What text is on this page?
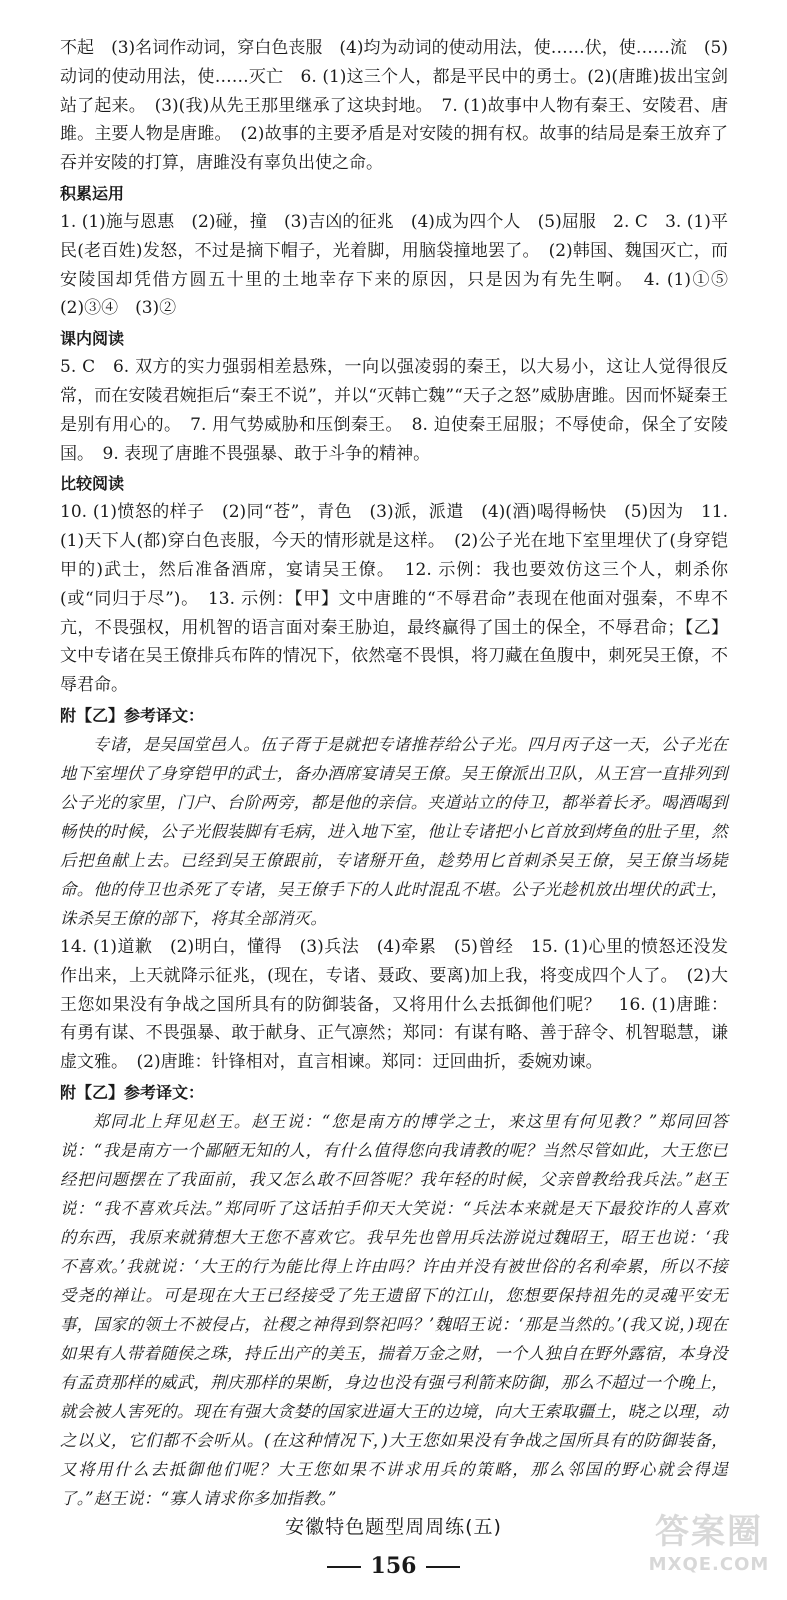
不起　(3)名词作动词，穿白色丧服　(4)均为动词的使动用法，使……伏，使……流　(5)动词的使动用法，使……灭亡　6. (1)这三个人，都是平民中的勇士。(2)(唐雎)拔出宝剑站了起来。　(3)(我)从先王那里继承了这块封地。　7. (1)故事中人物有秦王、安陵君、唐雎。主要人物是唐雎。　(2)故事的主要矛盾是对安陵的拥有权。故事的结局是秦王放弃了吞并安陵的打算，唐雎没有辜负出使之命。

积累运用

1. (1)施与恩惠　(2)碰，撞　(3)吉凶的征兆　(4)成为四个人　(5)屈服　2. C　3. (1)平民(老百姓)发怒，不过是摘下帽子，光着脚，用脑袋撞地罢了。　(2)韩国、魏国灭亡，而安陵国却凭借方圆五十里的土地幸存下来的原因，只是因为有先生啊。　4. (1)①⑤　(2)③④　(3)②

课内阅读

5. C　6. 双方的实力强弱相差悬殊，一向以强凌弱的秦王，以大易小，这让人觉得很反常，而在安陵君婉拒后“秦王不说”，并以“灭韩亡魏”“天子之怒”威胁唐雎。因而怀疑秦王是别有用心的。　7. 用气势威胁和压倒秦王。　8. 迫使秦王屈服；不辱使命，保全了安陵国。　9. 表现了唐雎不畏强暴、敢于斗争的精神。

比较阅读

10. (1)愤怒的样子　(2)同“苍”，青色　(3)派，派遣　(4)(酒)喝得畅快　(5)因为　11. (1)天下人(都)穿白色丧服，今天的情形就是这样。　(2)公子光在地下室里埋伏了(身穿铠甲的)武士，然后准备酒席，宴请吴王僚。　12. 示例：我也要效仿这三个人，刺杀你(或“同归于尽”)。　13. 示例：【甲】文中唐雎的“不辱君命”表现在他面对强秦，不卑不亢，不畏强权，用机智的语言面对秦王胁迫，最终赢得了国土的保全，不辱君命；【乙】文中专诸在吴王僚排兵布阵的情况下，依然毫不畏惧，将刀藏在鱼腹中，刺死吴王僚，不辱君命。

附【乙】参考译文：

专诸，是吴国堂邑人。伍子胥于是就把专诸推荐给公子光。四月丙子这一天，公子光在地下室埋伏了身穿铠甲的武士，备办酒席宴请吴王僚。吴王僚派出卫队，从王宫一直排列到公子光的家里，门户、台阶两旁，都是他的亲信。夹道站立的侍卫，都举着长矛。喝酒喝到畅快的时候，公子光假装脚有毛病，进入地下室，他让专诸把小匕首放到烤鱼的肚子里，然后把鱼献上去。已经到吴王僚跟前，专诸掰开鱼，趁势用匕首刺杀吴王僚，吴王僚当场毙命。他的侍卫也杀死了专诸，吴王僚手下的人此时混乱不堪。公子光趁机放出埋伏的武士，诛杀吴王僚的部下，将其全部消灭。

14. (1)道歉　(2)明白，懂得　(3)兵法　(4)牵累　(5)曾经　15. (1)心里的愤怒还没发作出来，上天就降示征兆，(现在，专诸、聂政、要离)加上我，将变成四个人了。　(2)大王您如果没有争战之国所具有的防御装备，又将用什么去抵御他们呢？　16. (1)唐雎：有勇有谋、不畏强暴、敢于献身、正气凛然；郑同：有谋有略、善于辞令、机智聪慧，谦虚文雅。　(2)唐雎：针锋相对，直言相谏。郑同：迂回曲折，委婉劝谏。

附【乙】参考译文：

郑同北上拜见赵王。赵王说：“您是南方的博学之士，来这里有何见教？”郑同回答说：“我是南方一个鄙陋无知的人，有什么值得您向我请教的呢？当然尽管如此，大王您已经把问题摆在了我面前，我又怎么敢不回答呢？我年轻的时候，父亲曾教给我兵法。”赵王说：“我不喜欢兵法。”郑同听了这话拍手仰天大笑说：“兵法本来就是天下最狡诈的人喜欢的东西，我原来就猜想大王您不喜欢它。我早先也曾用兵法游说过魏昭王，昭王也说：‘我不喜欢。’我就说：‘大王的行为能比得上许由吗？许由并没有被世俗的名利牵累，所以不接受尧的禅让。可是现在大王已经接受了先王遗留下的江山，您想要保持祖先的灵魂平安无事，国家的领土不被侵占，社稷之神得到祭祀吗？’魏昭王说：‘那是当然的。’(我又说，)现在如果有人带着随侯之珠，持丘出产的美玉，揣着万金之财，一个人独自在野外露宿，本身没有孟贲那样的威武，荆庆那样的果断，身边也没有强弓利箭来防御，那么不超过一个晚上，就会被人害死的。现在有强大贪婪的国家进逼大王的边境，向大王索取疆土，晓之以理，动之以义，它们都不会听从。(在这种情况下，)大王您如果没有争战之国所具有的防御装备，又将用什么去抵御他们呢？大王您如果不讲求用兵的策略，那么邻国的野心就会得逞了。”赵王说：“寡人请求你多加指教。”

安徽特色题型周周练(五)
156
答案圈
MXQE.COM
